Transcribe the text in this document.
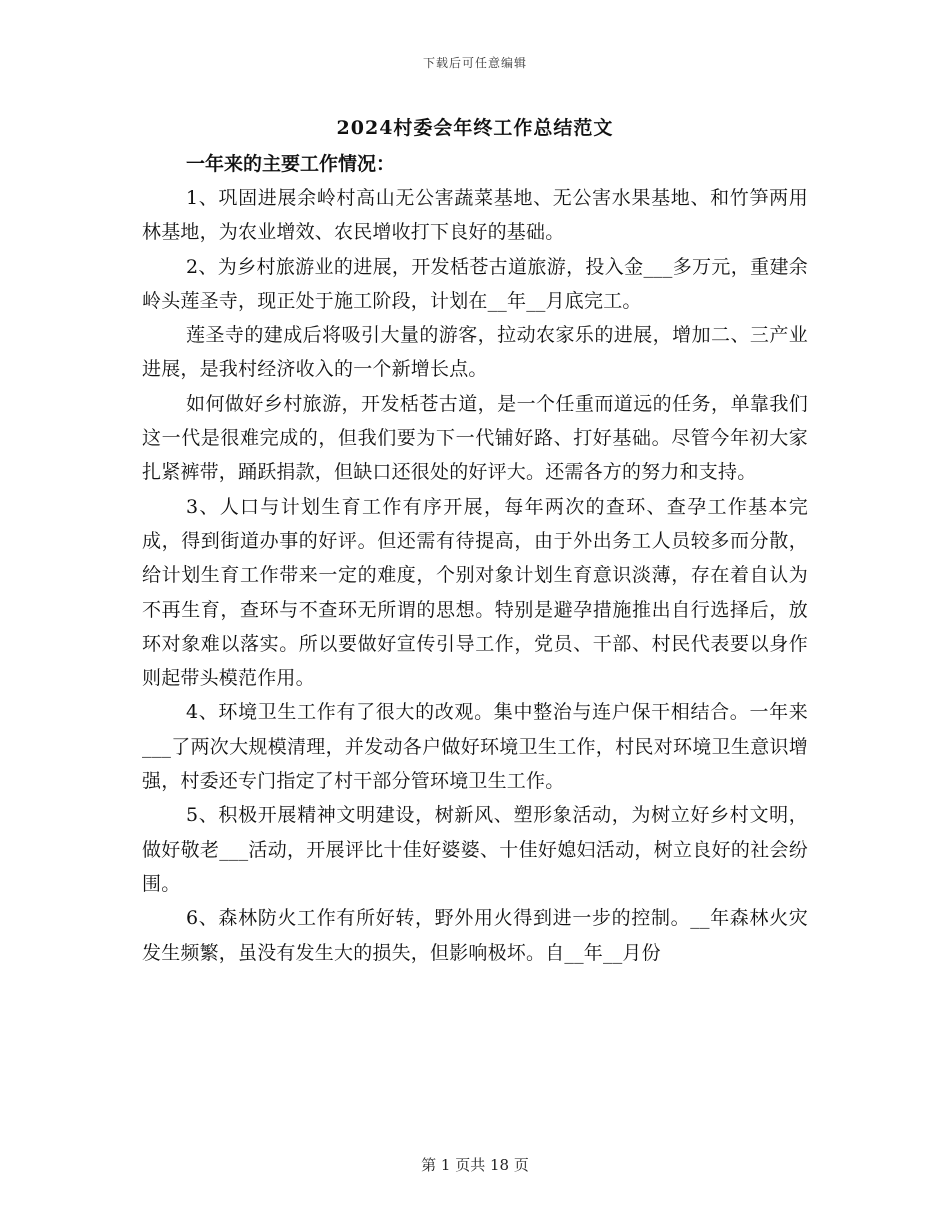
下载后可任意编辑
2024村委会年终工作总结范文

一年来的主要工作情况：

1、巩固进展余岭村高山无公害蔬菜基地、无公害水果基地、和竹笋两用林基地，为农业增效、农民增收打下良好的基础。

2、为乡村旅游业的进展，开发栝苍古道旅游，投入金___多万元，重建余岭头莲圣寺，现正处于施工阶段，计划在__年__月底完工。

莲圣寺的建成后将吸引大量的游客，拉动农家乐的进展，增加二、三产业进展，是我村经济收入的一个新增长点。

如何做好乡村旅游，开发栝苍古道，是一个任重而道远的任务，单靠我们这一代是很难完成的，但我们要为下一代铺好路、打好基础。尽管今年初大家扎紧裤带，踊跃捐款，但缺口还很处的好评大。还需各方的努力和支持。

3、人口与计划生育工作有序开展，每年两次的查环、查孕工作基本完成，得到街道办事的好评。但还需有待提高，由于外出务工人员较多而分散，给计划生育工作带来一定的难度，个别对象计划生育意识淡薄，存在着自认为不再生育，查环与不查环无所谓的思想。特别是避孕措施推出自行选择后，放环对象难以落实。所以要做好宣传引导工作，党员、干部、村民代表要以身作则起带头模范作用。

4、环境卫生工作有了很大的改观。集中整治与连户保干相结合。一年来___了两次大规模清理，并发动各户做好环境卫生工作，村民对环境卫生意识增强，村委还专门指定了村干部分管环境卫生工作。

5、积极开展精神文明建设，树新风、塑形象活动，为树立好乡村文明，做好敬老___活动，开展评比十佳好婆婆、十佳好媳妇活动，树立良好的社会纷围。

6、森林防火工作有所好转，野外用火得到进一步的控制。__年森林火灾发生频繁，虽没有发生大的损失，但影响极坏。自__年__月份

第 1 页共 18 页
